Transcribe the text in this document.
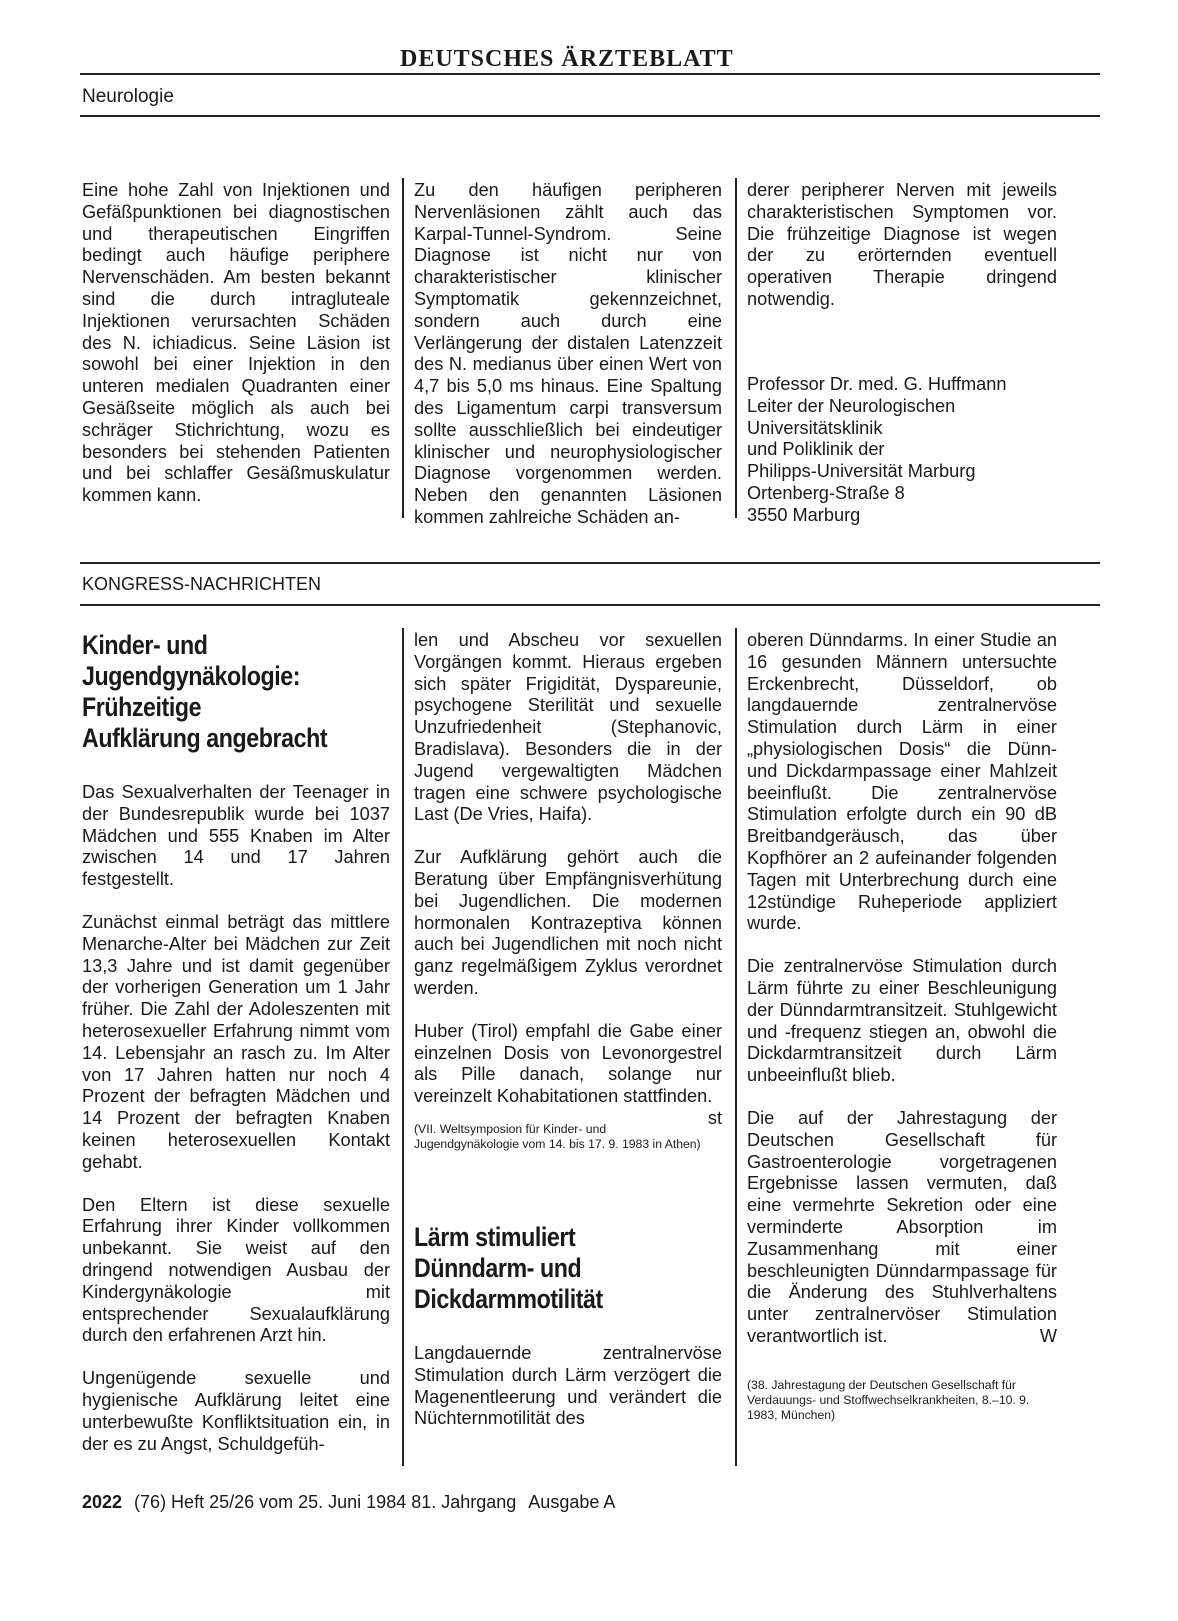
DEUTSCHES ÄRZTEBLATT
Neurologie

Eine hohe Zahl von Injektionen und Gefäßpunktionen bei diagnostischen und therapeutischen Eingriffen bedingt auch häufige periphere Nervenschäden. Am besten bekannt sind die durch intragluteale Injektionen verursachten Schäden des N. ichiadicus. Seine Läsion ist sowohl bei einer Injektion in den unteren medialen Quadranten einer Gesäßseite möglich als auch bei schräger Stichrichtung, wozu es besonders bei stehenden Patienten und bei schlaffer Gesäßmuskulatur kommen kann.

Zu den häufigen peripheren Nervenläsionen zählt auch das Karpal-Tunnel-Syndrom. Seine Diagnose ist nicht nur von charakteristischer klinischer Symptomatik gekennzeichnet, sondern auch durch eine Verlängerung der distalen Latenzzeit des N. medianus über einen Wert von 4,7 bis 5,0 ms hinaus. Eine Spaltung des Ligamentum carpi transversum sollte ausschließlich bei eindeutiger klinischer und neurophysiologischer Diagnose vorgenommen werden. Neben den genannten Läsionen kommen zahlreiche Schäden an-

derer peripherer Nerven mit jeweils charakteristischen Symptomen vor. Die frühzeitige Diagnose ist wegen der zu erörternden eventuell operativen Therapie dringend notwendig.

Professor Dr. med. G. Huffmann
Leiter der Neurologischen
Universitätsklinik
und Poliklinik der
Philipps-Universität Marburg
Ortenberg-Straße 8
3550 Marburg
KONGRESS-NACHRICHTEN
Kinder- und
Jugendgynäkologie:
Frühzeitige
Aufklärung angebracht

Das Sexualverhalten der Teenager in der Bundesrepublik wurde bei 1037 Mädchen und 555 Knaben im Alter zwischen 14 und 17 Jahren festgestellt.

Zunächst einmal beträgt das mittlere Menarche-Alter bei Mädchen zur Zeit 13,3 Jahre und ist damit gegenüber der vorherigen Generation um 1 Jahr früher. Die Zahl der Adoleszenten mit heterosexueller Erfahrung nimmt vom 14. Lebensjahr an rasch zu. Im Alter von 17 Jahren hatten nur noch 4 Prozent der befragten Mädchen und 14 Prozent der befragten Knaben keinen heterosexuellen Kontakt gehabt.

Den Eltern ist diese sexuelle Erfahrung ihrer Kinder vollkommen unbekannt. Sie weist auf den dringend notwendigen Ausbau der Kindergynäkologie mit entsprechender Sexualaufklärung durch den erfahrenen Arzt hin.

Ungenügende sexuelle und hygienische Aufklärung leitet eine unterbewußte Konfliktsituation ein, in der es zu Angst, Schuldgefüh-

len und Abscheu vor sexuellen Vorgängen kommt. Hieraus ergeben sich später Frigidität, Dyspareunie, psychogene Sterilität und sexuelle Unzufriedenheit (Stephanovic, Bradislava). Besonders die in der Jugend vergewaltigten Mädchen tragen eine schwere psychologische Last (De Vries, Haifa).

Zur Aufklärung gehört auch die Beratung über Empfängnisverhütung bei Jugendlichen. Die modernen hormonalen Kontrazeptiva können auch bei Jugendlichen mit noch nicht ganz regelmäßigem Zyklus verordnet werden.

Huber (Tirol) empfahl die Gabe einer einzelnen Dosis von Levonorgestrel als Pille danach, solange nur vereinzelt Kohabitationen stattfinden.
st

(VII. Weltsymposion für Kinder- und Jugendgynäkologie vom 14. bis 17. 9. 1983 in Athen)

Lärm stimuliert
Dünndarm- und
Dickdarmmotilität

Langdauernde zentralnervöse Stimulation durch Lärm verzögert die Magenentleerung und verändert die Nüchternmotilität des

oberen Dünndarms. In einer Studie an 16 gesunden Männern untersuchte Erckenbrecht, Düsseldorf, ob langdauernde zentralnervöse Stimulation durch Lärm in einer „physiologischen Dosis“ die Dünn- und Dickdarmpassage einer Mahlzeit beeinflußt. Die zentralnervöse Stimulation erfolgte durch ein 90 dB Breitbandgeräusch, das über Kopfhörer an 2 aufeinander folgenden Tagen mit Unterbrechung durch eine 12stündige Ruheperiode appliziert wurde.

Die zentralnervöse Stimulation durch Lärm führte zu einer Beschleunigung der Dünndarmtransitzeit. Stuhlgewicht und -frequenz stiegen an, obwohl die Dickdarmtransitzeit durch Lärm unbeeinflußt blieb.

Die auf der Jahrestagung der Deutschen Gesellschaft für Gastroenterologie vorgetragenen Ergebnisse lassen vermuten, daß eine vermehrte Sekretion oder eine verminderte Absorption im Zusammenhang mit einer beschleunigten Dünndarmpassage für die Änderung des Stuhlverhaltens unter zentralnervöser Stimulation verantwortlich ist.	W

(38. Jahrestagung der Deutschen Gesellschaft für Verdauungs- und Stoffwechselkrankheiten, 8.–10. 9. 1983, München)

2022 (76) Heft 25/26 vom 25. Juni 1984 81. Jahrgang Ausgabe A
